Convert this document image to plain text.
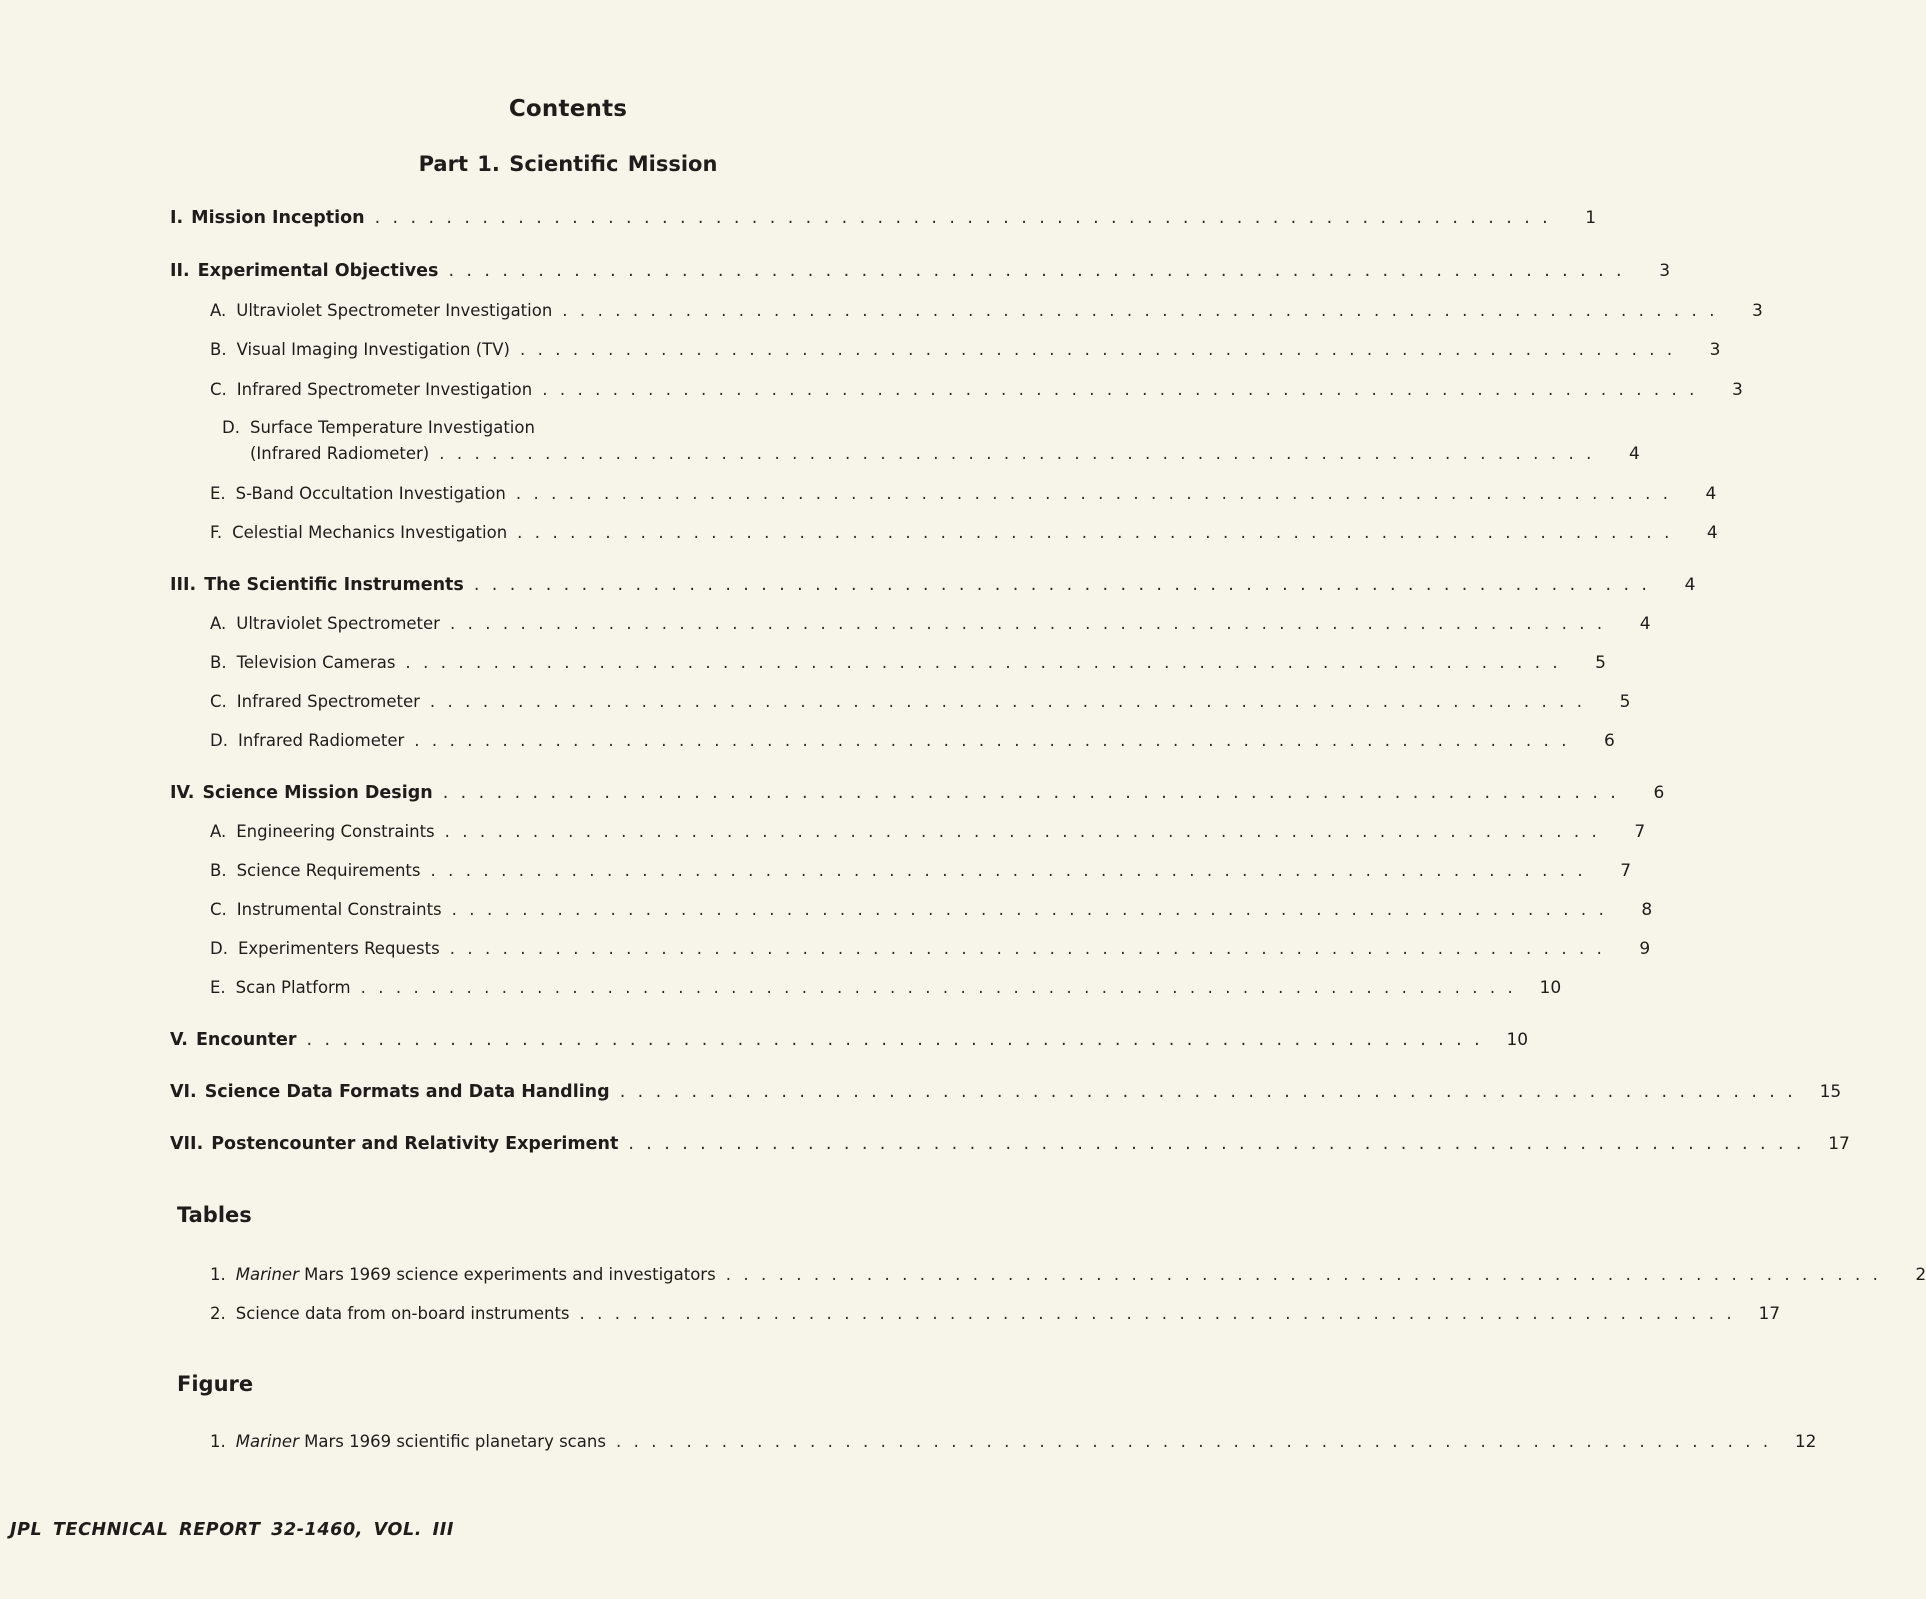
Contents
Part 1. Scientific Mission
I. Mission Inception ..................................................................	1
II. Experimental Objectives ..................................................................	3
A. Ultraviolet Spectrometer Investigation ..................................................................	3
B. Visual Imaging Investigation (TV) ..................................................................	3
C. Infrared Spectrometer Investigation ..................................................................	3
D. Surface Temperature Investigation
(Infrared Radiometer) ..................................................................	4
E. S-Band Occultation Investigation ..................................................................	4
F. Celestial Mechanics Investigation ..................................................................	4
III. The Scientific Instruments ..................................................................	4
A. Ultraviolet Spectrometer ..................................................................	4
B. Television Cameras ..................................................................	5
C. Infrared Spectrometer ..................................................................	5
D. Infrared Radiometer ..................................................................	6
IV. Science Mission Design ..................................................................	6
A. Engineering Constraints ..................................................................	7
B. Science Requirements ..................................................................	7
C. Instrumental Constraints ..................................................................	8
D. Experimenters Requests ..................................................................	9
E. Scan Platform .................................................................. 10
V. Encounter .................................................................. 10
VI. Science Data Formats and Data Handling .................................................................. 15
VII. Postencounter and Relativity Experiment .................................................................. 17
Tables
1. Mariner Mars 1969 science experiments and investigators ..................................................................	2
2. Science data from on-board instruments .................................................................. 17
Figure
1. Mariner Mars 1969 scientific planetary scans .................................................................. 12
JPL TECHNICAL REPORT 32-1460, VOL. III
